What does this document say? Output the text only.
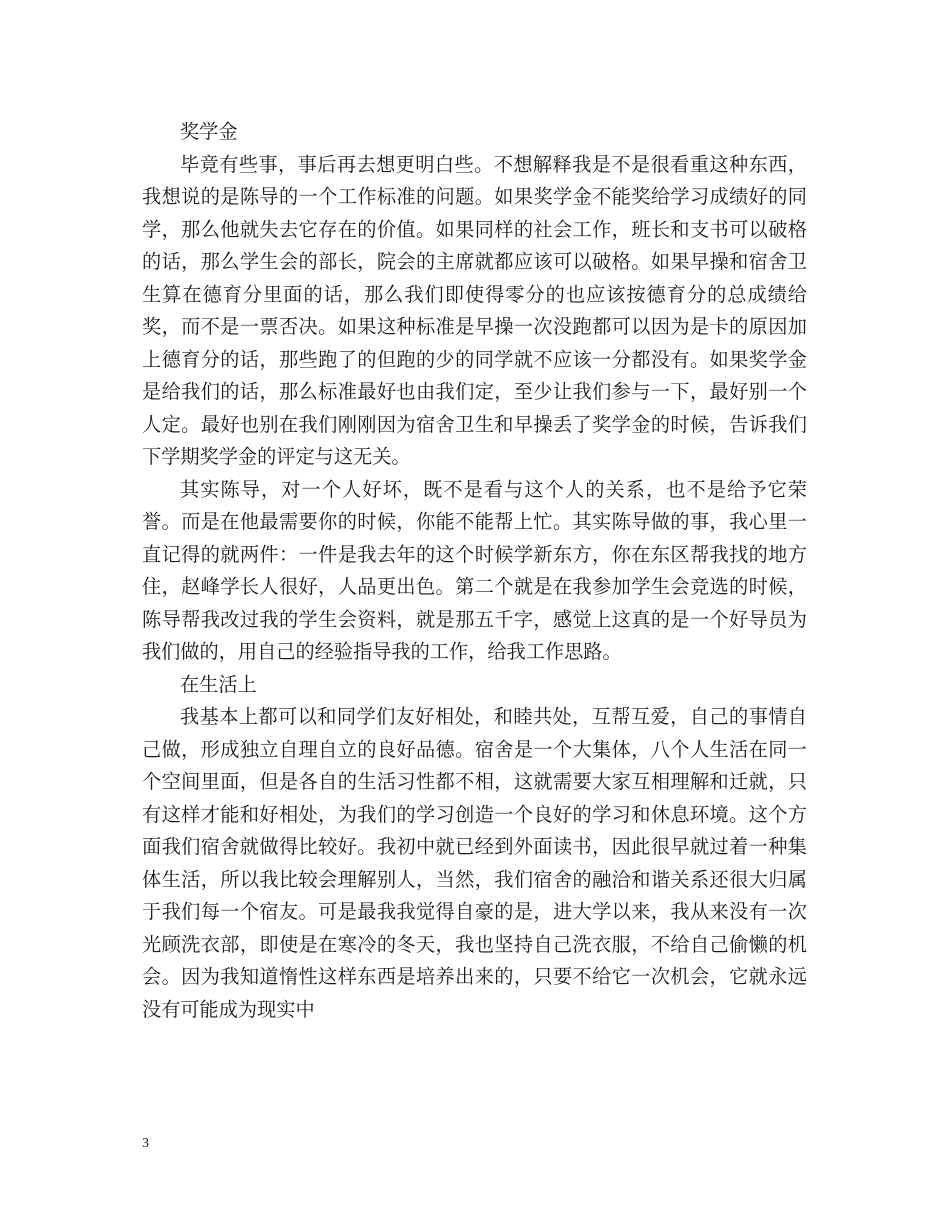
奖学金

毕竟有些事，事后再去想更明白些。不想解释我是不是很看重这种东西，我想说的是陈导的一个工作标准的问题。如果奖学金不能奖给学习成绩好的同学，那么他就失去它存在的价值。如果同样的社会工作，班长和支书可以破格的话，那么学生会的部长，院会的主席就都应该可以破格。如果早操和宿舍卫生算在德育分里面的话，那么我们即使得零分的也应该按德育分的总成绩给奖，而不是一票否决。如果这种标准是早操一次没跑都可以因为是卡的原因加上德育分的话，那些跑了的但跑的少的同学就不应该一分都没有。如果奖学金是给我们的话，那么标准最好也由我们定，至少让我们参与一下，最好别一个人定。最好也别在我们刚刚因为宿舍卫生和早操丢了奖学金的时候，告诉我们下学期奖学金的评定与这无关。

其实陈导，对一个人好坏，既不是看与这个人的关系，也不是给予它荣誉。而是在他最需要你的时候，你能不能帮上忙。其实陈导做的事，我心里一直记得的就两件：一件是我去年的这个时候学新东方，你在东区帮我找的地方住，赵峰学长人很好，人品更出色。第二个就是在我参加学生会竞选的时候，陈导帮我改过我的学生会资料，就是那五千字，感觉上这真的是一个好导员为我们做的，用自己的经验指导我的工作，给我工作思路。

在生活上

我基本上都可以和同学们友好相处，和睦共处，互帮互爱，自己的事情自己做，形成独立自理自立的良好品德。宿舍是一个大集体，八个人生活在同一个空间里面，但是各自的生活习性都不相，这就需要大家互相理解和迁就，只有这样才能和好相处，为我们的学习创造一个良好的学习和休息环境。这个方面我们宿舍就做得比较好。我初中就已经到外面读书，因此很早就过着一种集体生活，所以我比较会理解别人，当然，我们宿舍的融洽和谐关系还很大归属于我们每一个宿友。可是最我我觉得自豪的是，进大学以来，我从来没有一次光顾洗衣部，即使是在寒冷的冬天，我也坚持自己洗衣服，不给自己偷懒的机会。因为我知道惰性这样东西是培养出来的，只要不给它一次机会，它就永远没有可能成为现实中

3
